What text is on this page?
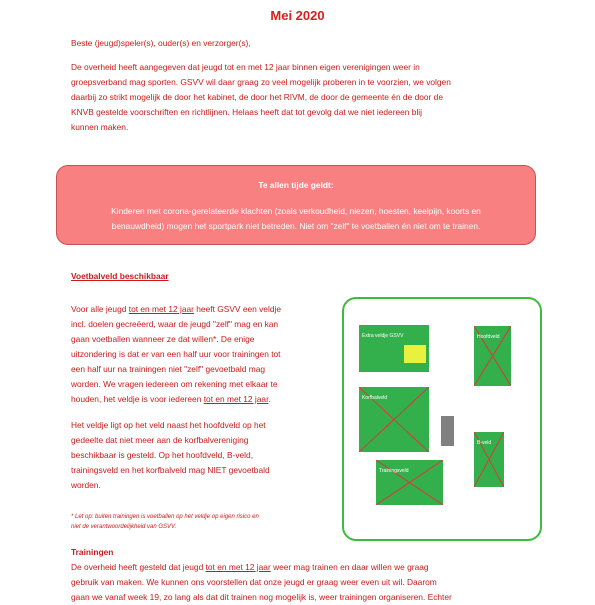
Mei 2020
Beste (jeugd)speler(s), ouder(s) en verzorger(s),
De overheid heeft aangegeven dat jeugd tot en met 12 jaar binnen eigen verenigingen weer in
groepsverband mag sporten. GSVV wil daar graag zo veel mogelijk proberen in te voorzien, we volgen
daarbij zo strikt mogelijk de door het kabinet, de door het RIVM, de door de gemeente én de door de
KNVB gestelde voorschriften en richtlijnen. Helaas heeft dat tot gevolg dat we niet iedereen blij
kunnen maken.
Te allen tijde geldt:
Kinderen met corona-gerelateerde klachten (zoals verkoudheid, niezen, hoesten, keelpijn, koorts en
benauwdheid) mogen het sportpark niet betreden. Niet om "zelf" te voetballen én niet om te trainen.
Voetbalveld beschikbaar
Voor alle jeugd tot en met 12 jaar heeft GSVV een veldje
incl. doelen gecreëerd, waar de jeugd "zelf" mag en kan
gaan voetballen wanneer ze dat willen*. De enige
uitzondering is dat er van een half uur voor trainingen tot
een half uur na trainingen niet "zelf" gevoetbald mag
worden. We vragen iedereen om rekening met elkaar te
houden, het veldje is voor iedereen tot en met 12 jaar.
Het veldje ligt op het veld naast het hoofdveld op het
gedeelte dat niet meer aan de korfbalvereniging
beschikbaar is gesteld. Op het hoofdveld, B-veld,
trainingsveld en het korfbalveld mag NIET gevoetbald
worden.
* Let op: buiten trainingen is voetballen op het veldje op eigen risico en
niet de verantwoordelijkheid van GSVV.
Extra veldje GSVV
Korfbalveld
Hoofdveld
B-veld
Trainingsveld
Trainingen
De overheid heeft gesteld dat jeugd tot en met 12 jaar weer mag trainen en daar willen we graag
gebruik van maken. We kunnen ons voorstellen dat onze jeugd er graag weer even uit wil. Daarom
gaan we vanaf week 19, zo lang als dat dit trainen nog mogelijk is, weer trainingen organiseren. Echter
